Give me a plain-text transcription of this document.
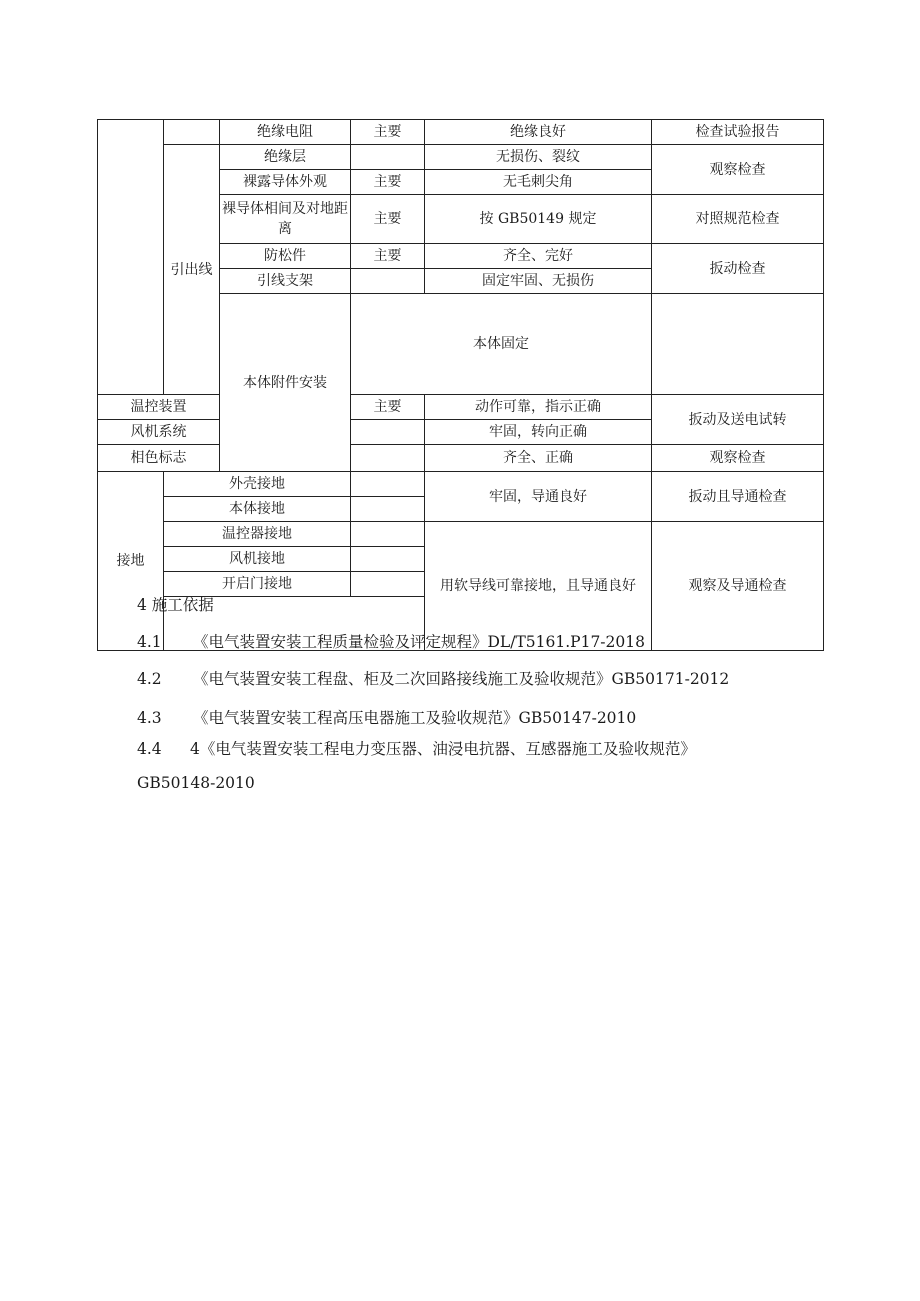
		绝缘电阻	主要	绝缘良好	检查试验报告	
	引出线	绝缘层		无损伤、裂纹	观察检查	
		裸露导体外观	主要	无毛刺尖角		
		裸导体相间及对地距离	主要	按 GB50149 规定	对照规范检查	
		防松件	主要	齐全、完好	扳动检查	
		引线支架		固定牢固、无损伤		
		本体附件安装	本体固定			
温控装置			主要	动作可靠，指示正确	扳动及送电试转	
风机系统				牢固，转向正确		
相色标志				齐全、正确	观察检查	
接地	外壳接地			牢固，导通良好	扳动且导通检查	
	本体接地					
	温控器接地			用软导线可靠接地，且导通良好	观察及导通检查	
	风机接地					
	开启门接地					

4 施工依据
4.1 《电气装置安装工程质量检验及评定规程》DL/T5161.P17-2018
4.2 《电气装置安装工程盘、柜及二次回路接线施工及验收规范》GB50171-2012
4.3 《电气装置安装工程高压电器施工及验收规范》GB50147-2010
4.4 4《电气装置安装工程电力变压器、油浸电抗器、互感器施工及验收规范》
GB50148-2010
